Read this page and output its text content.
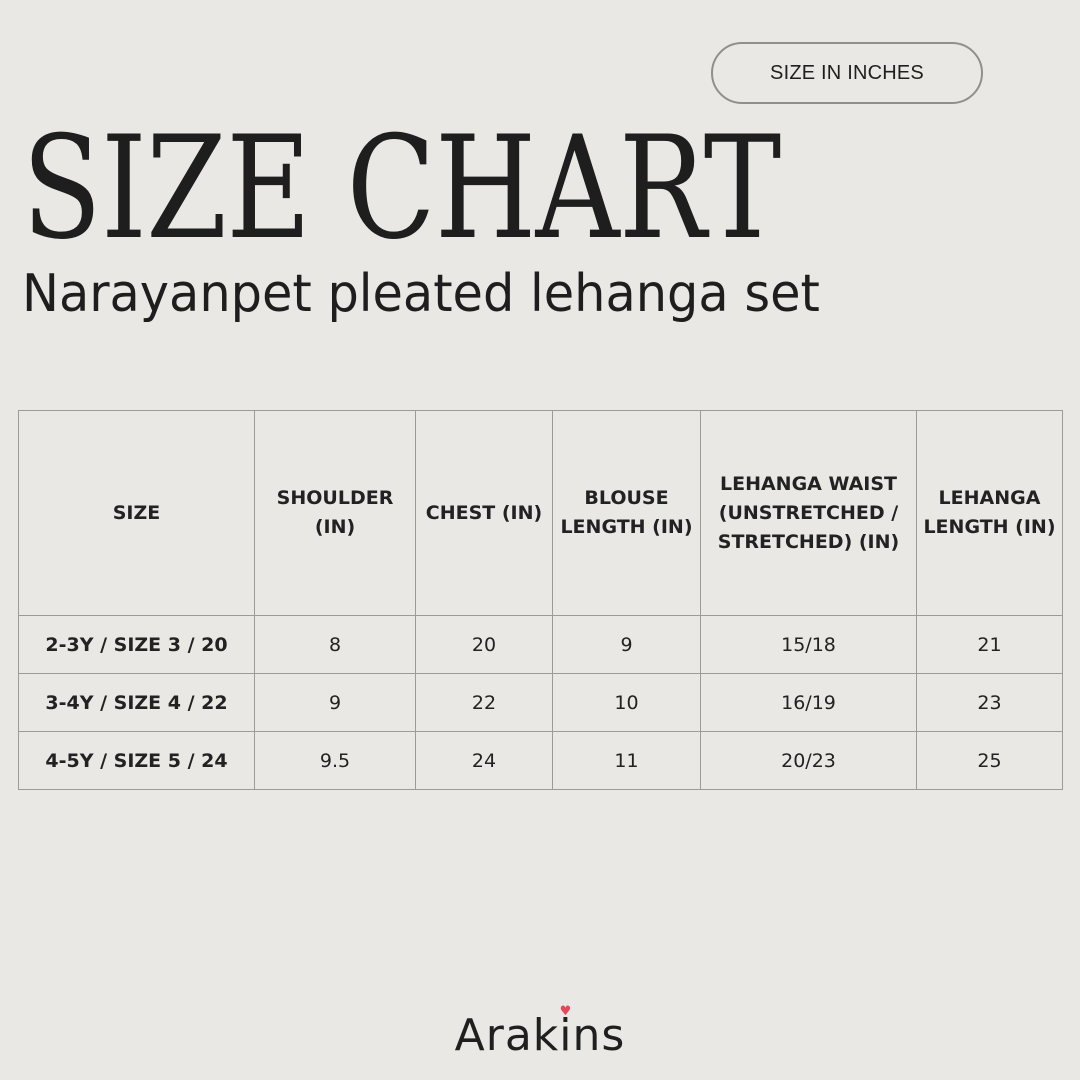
SIZE IN INCHES
SIZE CHART
Narayanpet pleated lehanga set
SIZE	SHOULDER (IN)	CHEST (IN)	BLOUSE LENGTH (IN)	LEHANGA WAIST (UNSTRETCHED / STRETCHED) (IN)	LEHANGA LENGTH (IN)
2-3Y / SIZE 3 / 20	8	20	9	15/18	21
3-4Y / SIZE 4 / 22	9	22	10	16/19	23
4-5Y / SIZE 5 / 24	9.5	24	11	20/23	25
Araki ♥ns
